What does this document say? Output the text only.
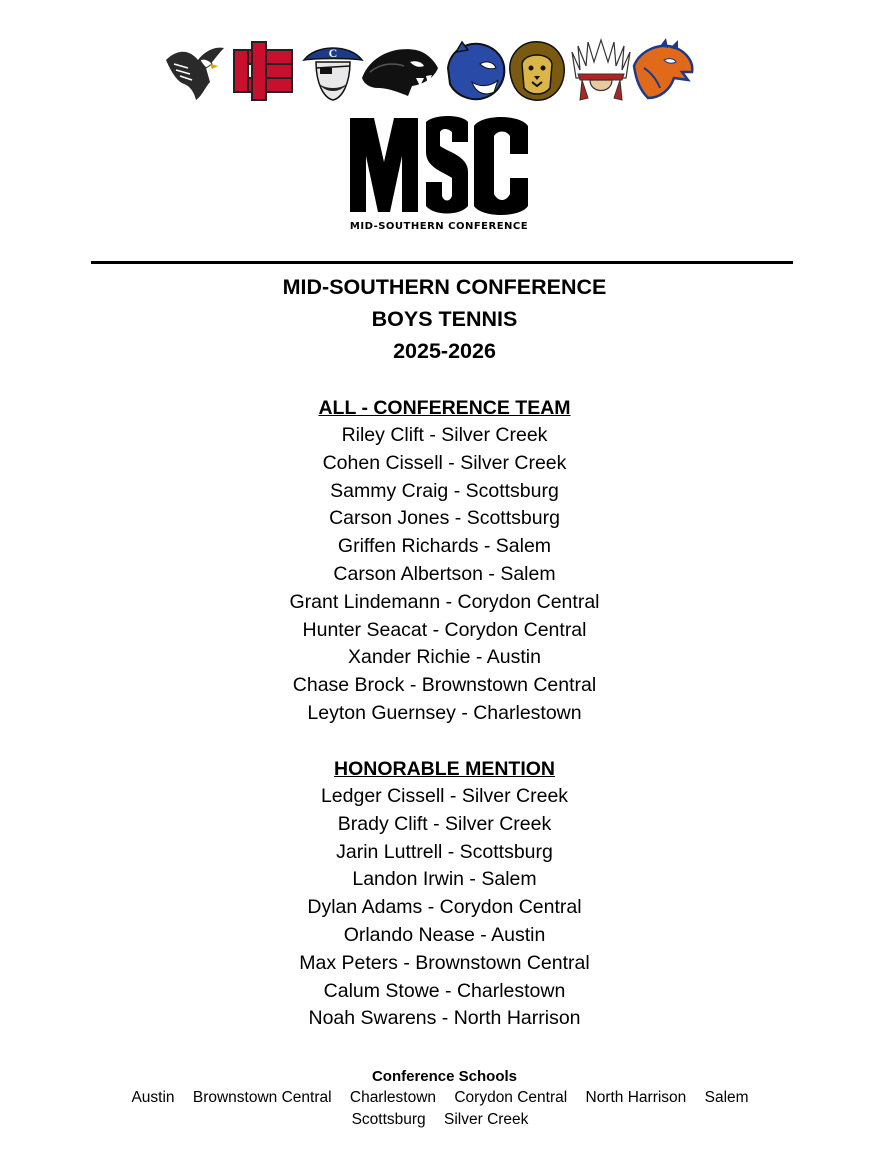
C
MID-SOUTHERN CONFERENCE
MID-SOUTHERN CONFERENCE
BOYS TENNIS
2025-2026
ALL - CONFERENCE TEAM
Riley Clift - Silver Creek
Cohen Cissell - Silver Creek
Sammy Craig - Scottsburg
Carson Jones - Scottsburg
Griffen Richards - Salem
Carson Albertson - Salem
Grant Lindemann - Corydon Central
Hunter Seacat - Corydon Central
Xander Richie - Austin
Chase Brock - Brownstown Central
Leyton Guernsey - Charlestown
HONORABLE MENTION
Ledger Cissell - Silver Creek
Brady Clift - Silver Creek
Jarin Luttrell - Scottsburg
Landon Irwin - Salem
Dylan Adams - Corydon Central
Orlando Nease - Austin
Max Peters - Brownstown Central
Calum Stowe - Charlestown
Noah Swarens - North Harrison
Conference Schools
Austin Brownstown Central Charlestown Corydon Central North Harrison Salem Scottsburg Silver Creek
